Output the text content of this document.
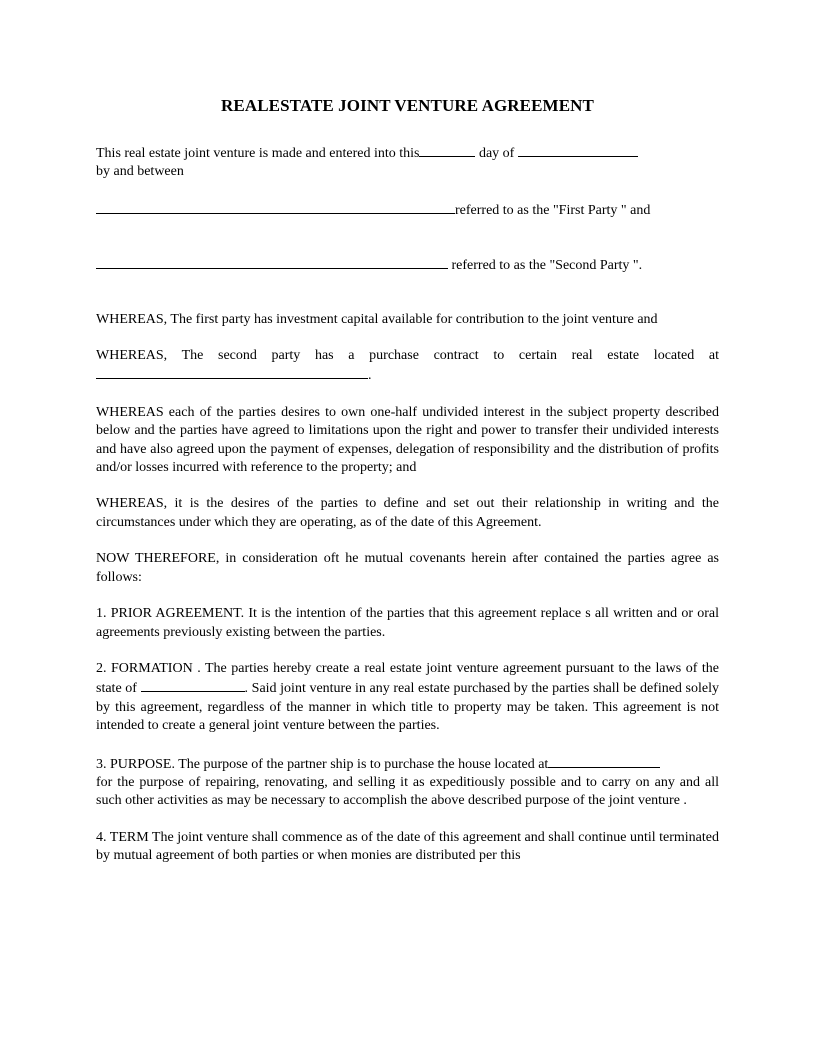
REALESTATE JOINT VENTURE AGREEMENT

This real estate joint venture is made and entered into this	day of
by and between

referred to as the "First Party " and

referred to as the "Second Party ".

WHEREAS, The first party has investment capital available for contribution to the joint venture and

WHEREAS, The second party has a purchase contract to certain real estate located at .

WHEREAS each of the parties desires to own one-half undivided interest in the subject property described below and the parties have agreed to limitations upon the right and power to transfer their undivided interests and have also agreed upon the payment of expenses, delegation of responsibility and the distribution of profits and/or losses incurred with reference to the property; and

WHEREAS, it is the desires of the parties to define and set out their relationship in writing and the circumstances under which they are operating, as of the date of this Agreement.

NOW THEREFORE, in consideration oft he mutual covenants herein after contained the parties agree as follows:

1. PRIOR AGREEMENT. It is the intention of the parties that this agreement replace s all written and or oral agreements previously existing between the parties.

2. FORMATION . The parties hereby create a real estate joint venture agreement pursuant to the laws of the state of	. Said joint venture in any real estate purchased by the parties shall be defined solely by this agreement, regardless of the manner in which title to property may be taken. This agreement is not intended to create a general joint venture between the parties.

3. PURPOSE. The purpose of the partner ship is to purchase the house located at
for the purpose of repairing, renovating, and selling it as expeditiously possible and to carry on any and all such other activities as may be necessary to accomplish the above described purpose of the joint venture .

4. TERM The joint venture shall commence as of the date of this agreement and shall continue until terminated by mutual agreement of both parties or when monies are distributed per this
